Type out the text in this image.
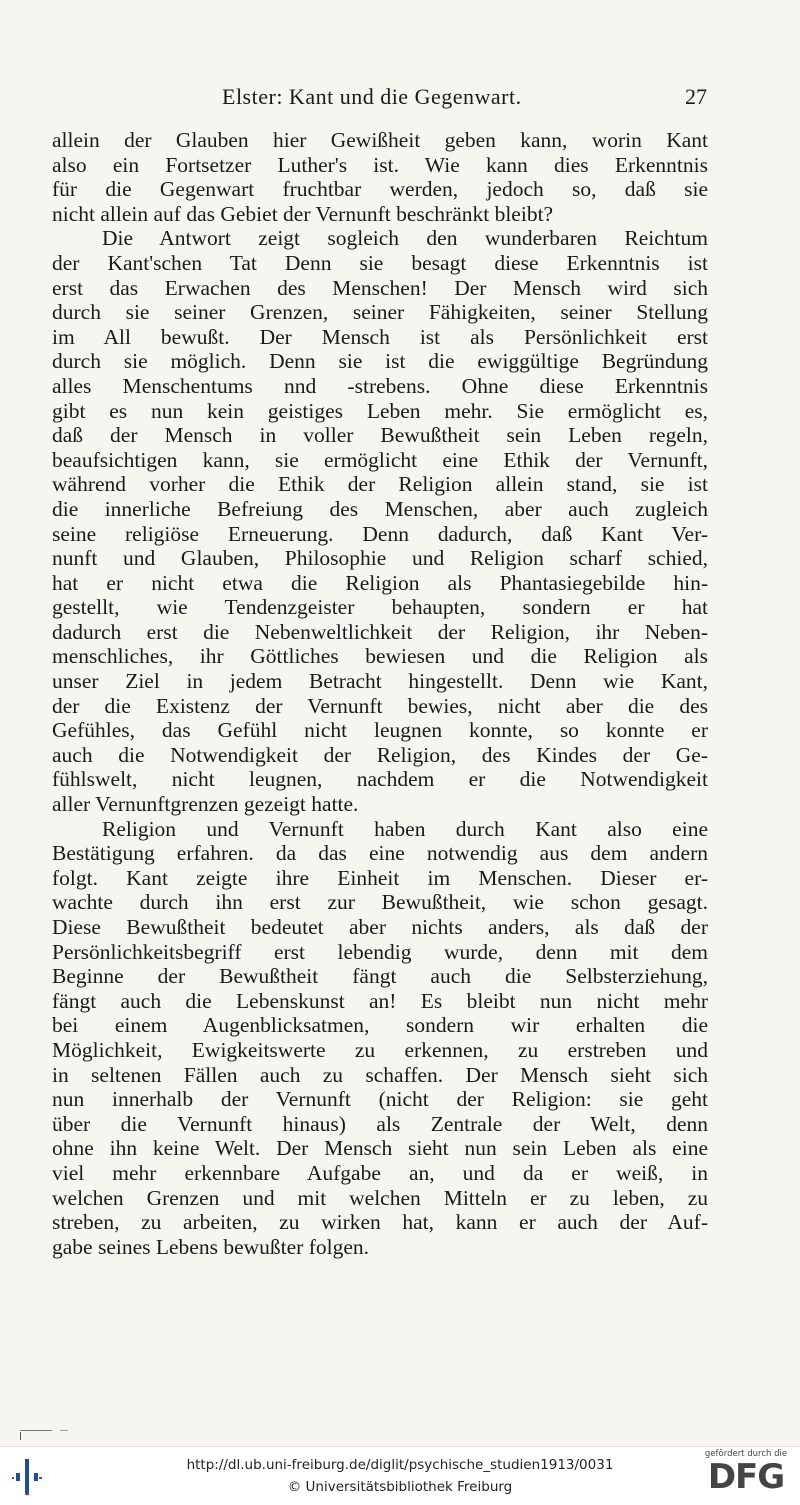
Elster: Kant und die Gegenwart.	27
allein der Glauben hier Gewißheit geben kann, worin Kant
also ein Fortsetzer Luther's ist. Wie kann dies Erkenntnis
für die Gegenwart fruchtbar werden, jedoch so, daß sie
nicht allein auf das Gebiet der Vernunft beschränkt bleibt?
Die Antwort zeigt sogleich den wunderbaren Reichtum
der Kant'schen Tat Denn sie besagt diese Erkenntnis ist
erst das Erwachen des Menschen! Der Mensch wird sich
durch sie seiner Grenzen, seiner Fähigkeiten, seiner Stellung
im All bewußt. Der Mensch ist als Persönlichkeit erst
durch sie möglich. Denn sie ist die ewiggültige Begründung
alles Menschentums nnd -strebens. Ohne diese Erkenntnis
gibt es nun kein geistiges Leben mehr. Sie ermöglicht es,
daß der Mensch in voller Bewußtheit sein Leben regeln,
beaufsichtigen kann, sie ermöglicht eine Ethik der Vernunft,
während vorher die Ethik der Religion allein stand, sie ist
die innerliche Befreiung des Menschen, aber auch zugleich
seine religiöse Erneuerung. Denn dadurch, daß Kant Ver-
nunft und Glauben, Philosophie und Religion scharf schied,
hat er nicht etwa die Religion als Phantasiegebilde hin-
gestellt, wie Tendenzgeister behaupten, sondern er hat
dadurch erst die Nebenweltlichkeit der Religion, ihr Neben-
menschliches, ihr Göttliches bewiesen und die Religion als
unser Ziel in jedem Betracht hingestellt. Denn wie Kant,
der die Existenz der Vernunft bewies, nicht aber die des
Gefühles, das Gefühl nicht leugnen konnte, so konnte er
auch die Notwendigkeit der Religion, des Kindes der Ge-
fühlswelt, nicht leugnen, nachdem er die Notwendigkeit
aller Vernunftgrenzen gezeigt hatte.
Religion und Vernunft haben durch Kant also eine
Bestätigung erfahren. da das eine notwendig aus dem andern
folgt. Kant zeigte ihre Einheit im Menschen. Dieser er-
wachte durch ihn erst zur Bewußtheit, wie schon gesagt.
Diese Bewußtheit bedeutet aber nichts anders, als daß der
Persönlichkeitsbegriff erst lebendig wurde, denn mit dem
Beginne der Bewußtheit fängt auch die Selbsterziehung,
fängt auch die Lebenskunst an! Es bleibt nun nicht mehr
bei einem Augenblicksatmen, sondern wir erhalten die
Möglichkeit, Ewigkeitswerte zu erkennen, zu erstreben und
in seltenen Fällen auch zu schaffen. Der Mensch sieht sich
nun innerhalb der Vernunft (nicht der Religion: sie geht
über die Vernunft hinaus) als Zentrale der Welt, denn
ohne ihn keine Welt. Der Mensch sieht nun sein Leben als eine
viel mehr erkennbare Aufgabe an, und da er weiß, in
welchen Grenzen und mit welchen Mitteln er zu leben, zu
streben, zu arbeiten, zu wirken hat, kann er auch der Auf-
gabe seines Lebens bewußter folgen.
http://dl.ub.uni-freiburg.de/diglit/psychische_studien1913/0031
© Universitätsbibliothek Freiburg
gefördert durch die
DFG
